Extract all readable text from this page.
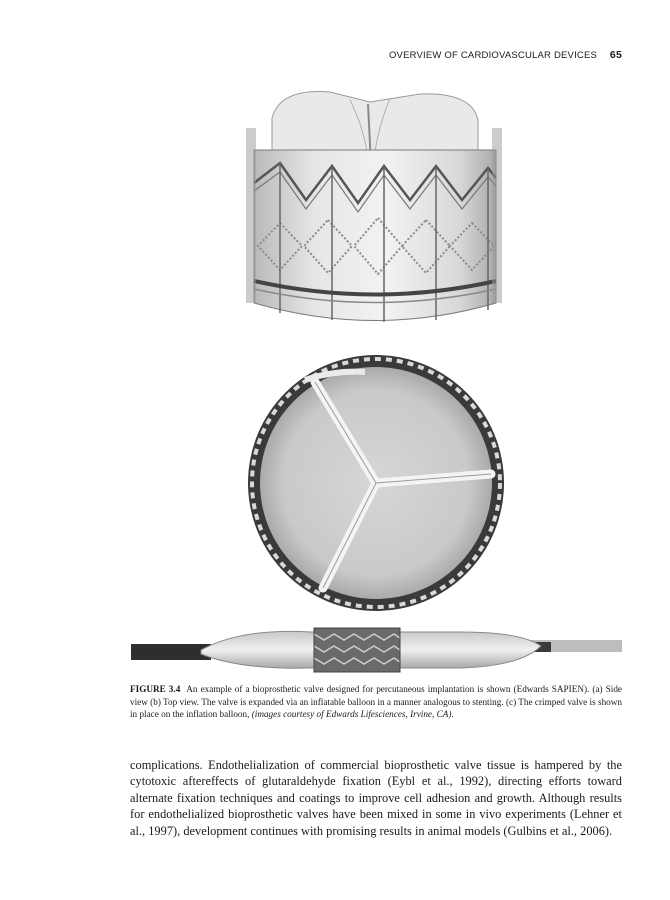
OVERVIEW OF CARDIOVASCULAR DEVICES 65
FIGURE 3.4 An example of a bioprosthetic valve designed for percutaneous implantation is shown (Edwards SAPIEN). (a) Side view (b) Top view. The valve is expanded via an inflatable balloon in a manner analogous to stenting. (c) The crimped valve is shown in place on the inflation balloon, (images courtesy of Edwards Lifesciences, Irvine, CA).
complications. Endothelialization of commercial bioprosthetic valve tissue is hampered by the cytotoxic aftereffects of glutaraldehyde fixation (Eybl et al., 1992), directing efforts toward alternate fixation techniques and coatings to improve cell adhesion and growth. Although results for endothelialized bioprosthetic valves have been mixed in some in vivo experiments (Lehner et al., 1997), development continues with promising results in animal models (Gulbins et al., 2006).
